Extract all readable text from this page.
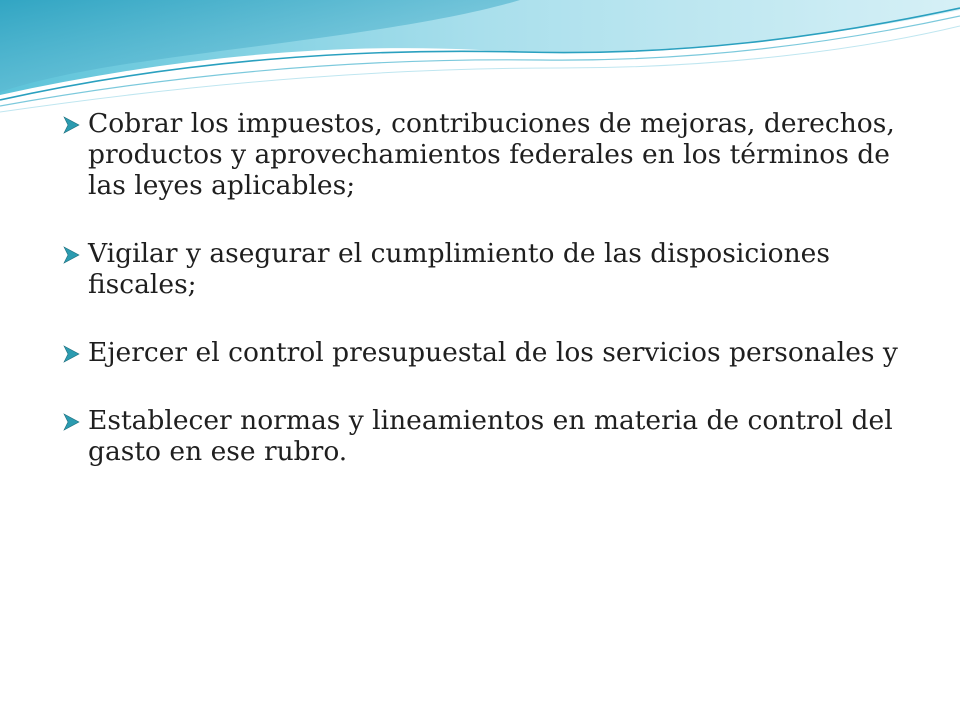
Cobrar los impuestos, contribuciones de mejoras, derechos, productos y aprovechamientos federales en los términos de las leyes aplicables;
Vigilar y asegurar el cumplimiento de las disposiciones fiscales;
Ejercer el control presupuestal de los servicios personales y
Establecer normas y lineamientos en materia de control del gasto en ese rubro.
